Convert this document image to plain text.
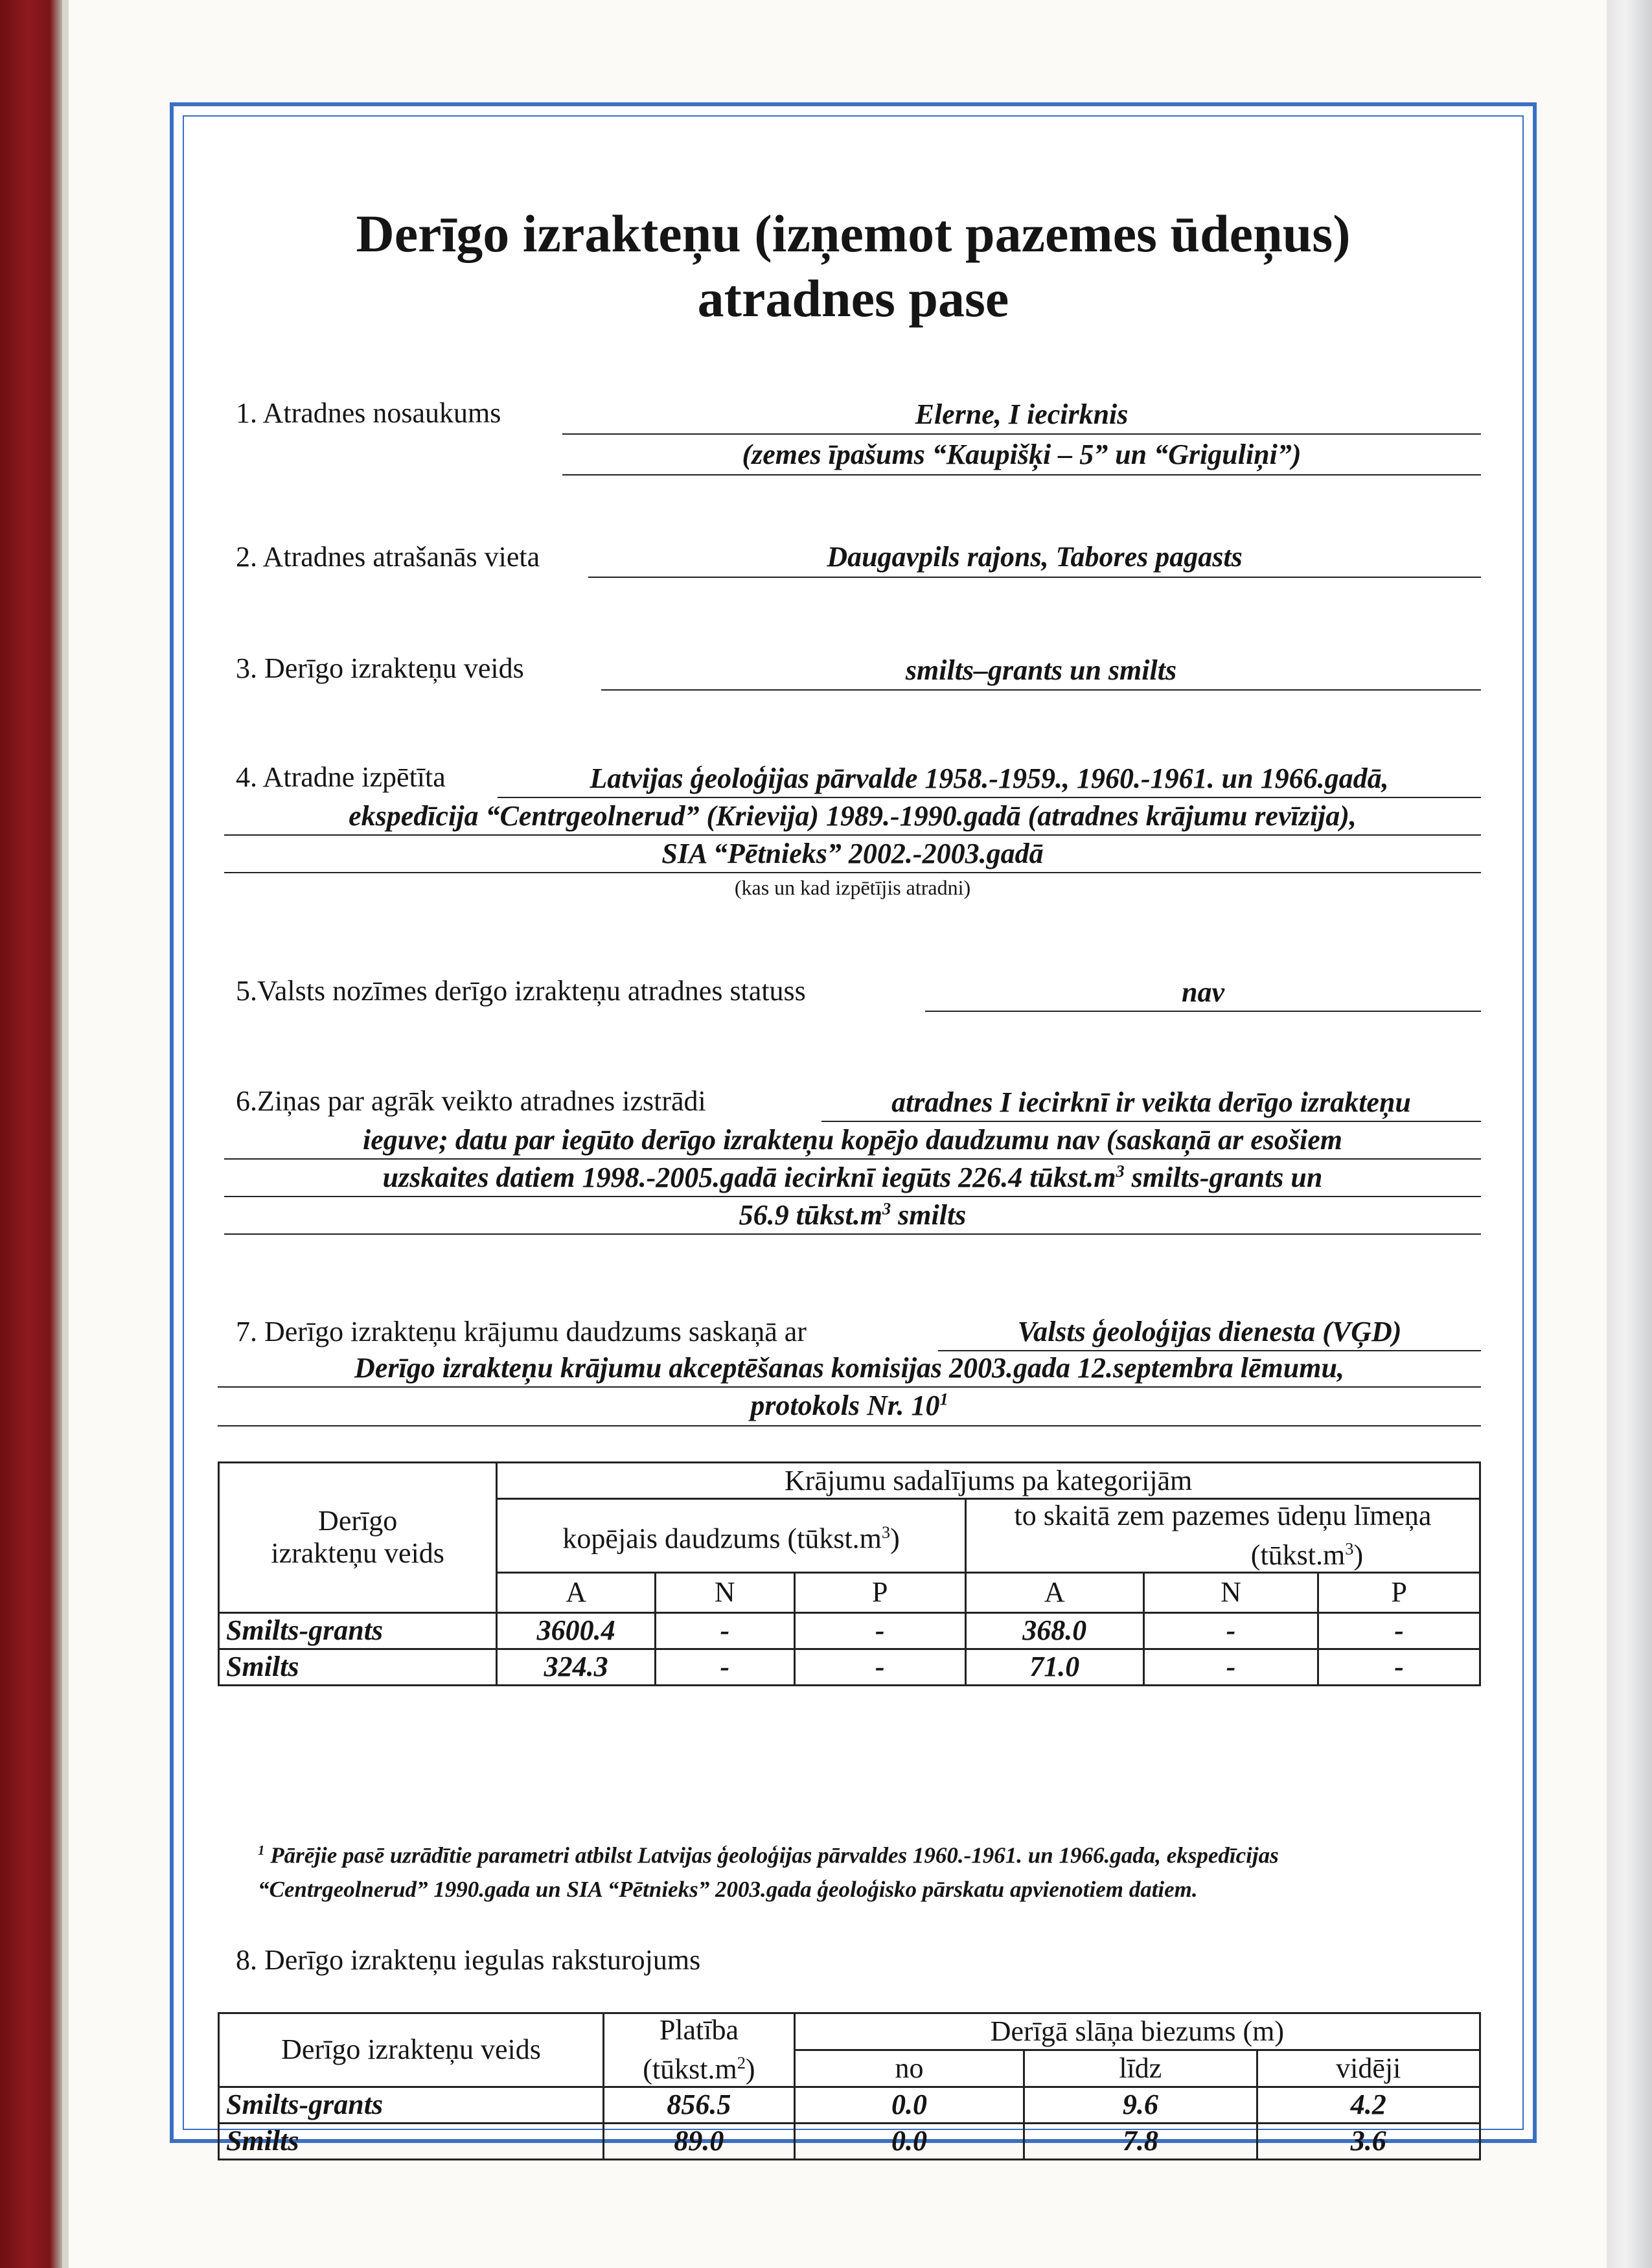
Derīgo izrakteņu (izņemot pazemes ūdeņus)
atradnes pase
1. Atradnes nosaukums	Elerne, I iecirknis
(zemes īpašums “Kaupišķi – 5” un “Griguliņi”)
2. Atradnes atrašanās vieta	Daugavpils rajons, Tabores pagasts
3. Derīgo izrakteņu veids	smilts–grants un smilts
4. Atradne izpētīta	Latvijas ģeoloģijas pārvalde 1958.-1959., 1960.-1961. un 1966.gadā,
ekspedīcija “Centrgeolnerud” (Krievija) 1989.-1990.gadā (atradnes krājumu revīzija),
SIA “Pētnieks” 2002.-2003.gadā
(kas un kad izpētījis atradni)
5.Valsts nozīmes derīgo izrakteņu atradnes statuss	nav
6.Ziņas par agrāk veikto atradnes izstrādi	atradnes I iecirknī ir veikta derīgo izrakteņu
ieguve; datu par iegūto derīgo izrakteņu kopējo daudzumu nav (saskaņā ar esošiem
uzskaites datiem 1998.-2005.gadā iecirknī iegūts 226.4 $tūkst.m^3$ smilts-grants un
56.9 $tūkst.m^3$ smilts
7. Derīgo izrakteņu krājumu daudzums saskaņā ar	Valsts ģeoloģijas dienesta (VĢD)
Derīgo izrakteņu krājumu akceptēšanas komisijas 2003.gada 12.septembra lēmumu,
protokols Nr. $10^1$
Derīgo
izrakteņu veids	Krājumu sadalījums pa kategorijām					
	kopējais daudzums $(tūkst.m^3)$			to skaitā zem pazemes ūdeņu līmeņa
$(tūkst.m^3)$		
	A	N	P	A	N	P
Smilts-grants	3600.4	-	-	368.0	-	-
Smilts	324.3	-	-	71.0	-	-
$^1$ Pārējie pasē uzrādītie parametri atbilst Latvijas ģeoloģijas pārvaldes 1960.-1961. un 1966.gada, ekspedīcijas
“Centrgeolnerud” 1990.gada un SIA “Pētnieks” 2003.gada ģeoloģisko pārskatu apvienotiem datiem.
8. Derīgo izrakteņu iegulas raksturojums
Derīgo izrakteņu veids	Platība
$(tūkst.m^2)$	Derīgā slāņa biezums (m)		
		no	līdz	vidēji
Smilts-grants	856.5	0.0	9.6	4.2
Smilts	89.0	0.0	7.8	3.6
